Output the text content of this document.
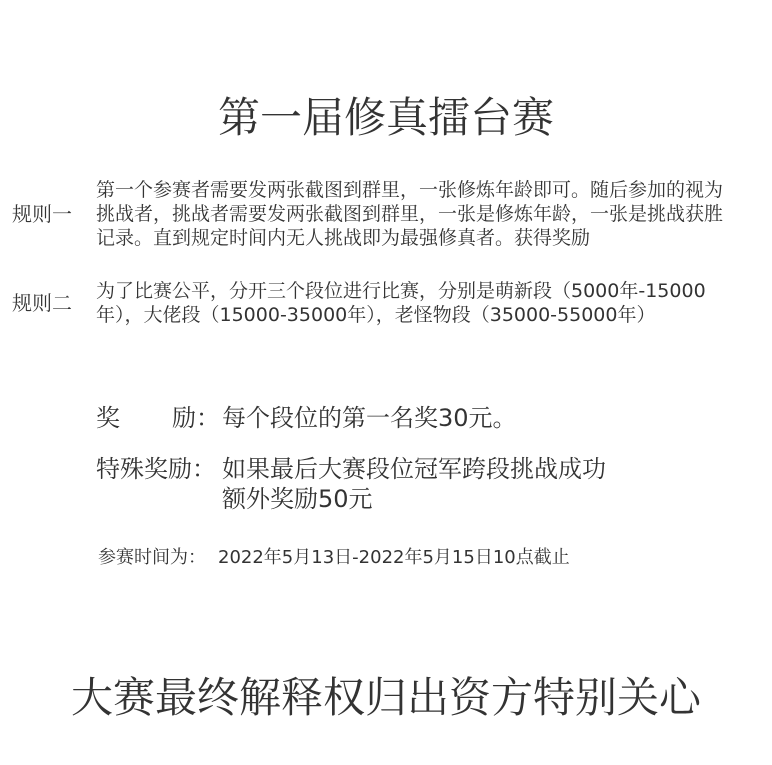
第一届修真擂台赛
规则一
第一个参赛者需要发两张截图到群里，一张修炼年龄即可。随后参加的视为
挑战者，挑战者需要发两张截图到群里，一张是修炼年龄，一张是挑战获胜
记录。直到规定时间内无人挑战即为最强修真者。获得奖励
规则二 为了比赛公平，分开三个段位进行比赛，分别是萌新段（5000年-15000
年），大佬段（15000-35000年），老怪物段（35000-55000年）
奖 励： 每个段位的第一名奖30元。
特殊奖励： 如果最后大赛段位冠军跨段挑战成功
额外奖励50元
参赛时间为： 2022年5月13日-2022年5月15日10点截止
大赛最终解释权归出资方特别关心
